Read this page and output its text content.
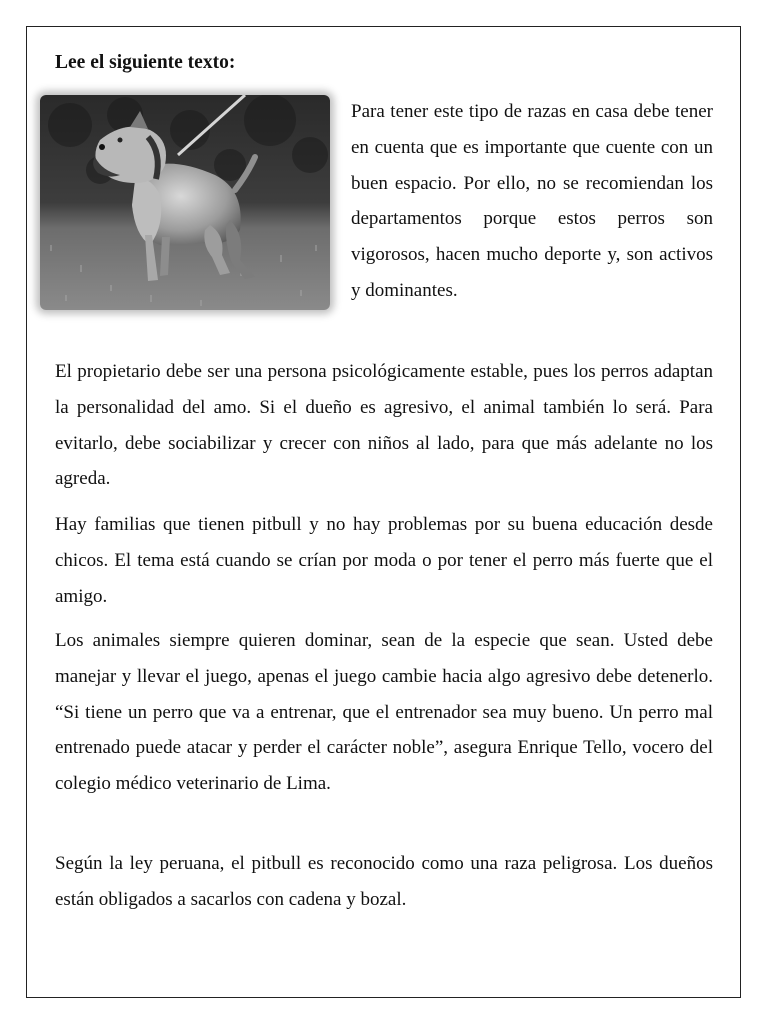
Lee el siguiente texto:

Para tener este tipo de razas en casa debe tener en cuenta que es importante que cuente con un buen espacio. Por ello, no se recomiendan los departamentos porque estos perros son vigorosos, hacen mucho deporte y, son activos y dominantes.

El propietario debe ser una persona psicológicamente estable, pues los perros adaptan la personalidad del amo. Si el dueño es agresivo, el animal también lo será. Para evitarlo, debe sociabilizar y crecer con niños al lado, para que más adelante no los agreda.

Hay familias que tienen pitbull y no hay problemas por su buena educación desde chicos. El tema está cuando se crían por moda o por tener el perro más fuerte que el amigo.

Los animales siempre quieren dominar, sean de la especie que sean. Usted debe manejar y llevar el juego, apenas el juego cambie hacia algo agresivo debe detenerlo. “Si tiene un perro que va a entrenar, que el entrenador sea muy bueno. Un perro mal entrenado puede atacar y perder el carácter noble”, asegura Enrique Tello, vocero del colegio médico veterinario de Lima.

Según la ley peruana, el pitbull es reconocido como una raza peligrosa. Los dueños están obligados a sacarlos con cadena y bozal.
